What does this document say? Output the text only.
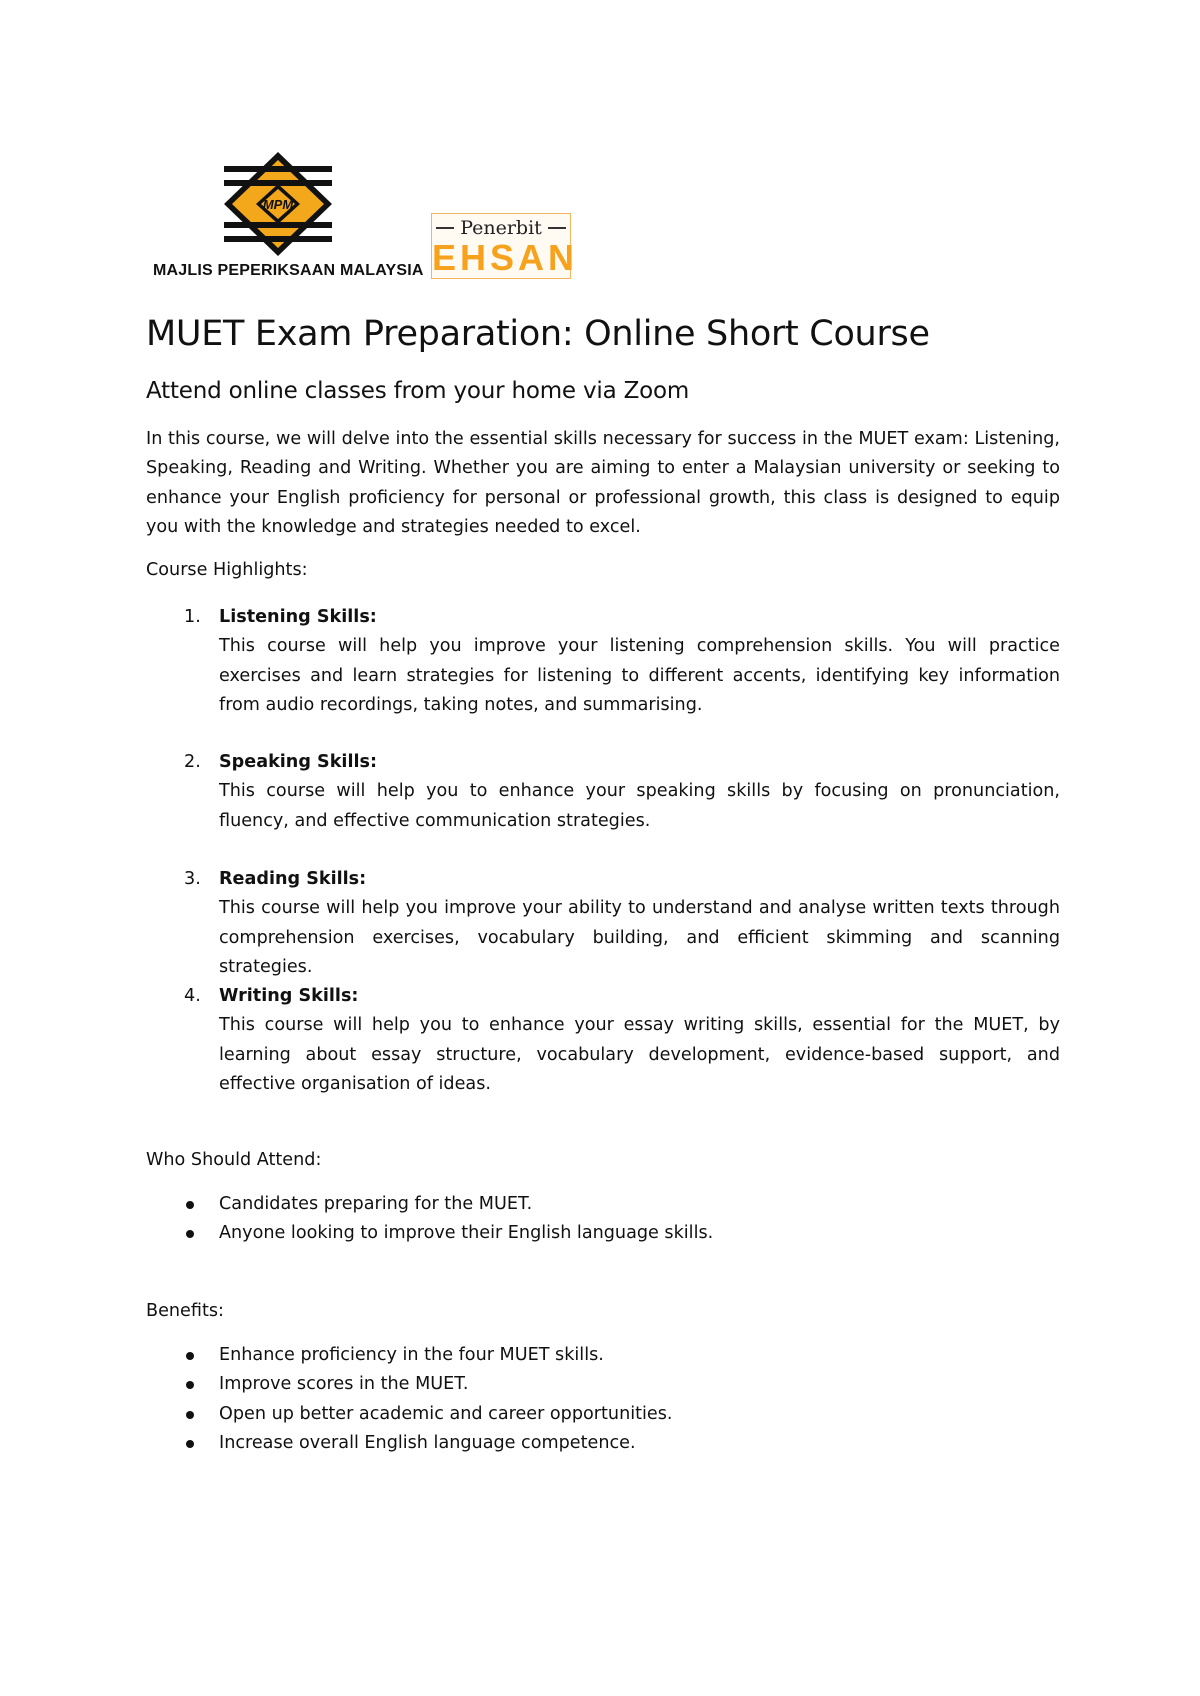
MPM
MAJLIS PEPERIKSAAN MALAYSIA
Penerbit
EHSAN
MUET Exam Preparation: Online Short Course
Attend online classes from your home via Zoom
In this course, we will delve into the essential skills necessary for success in the MUET exam: Listening, Speaking, Reading and Writing. Whether you are aiming to enter a Malaysian university or seeking to enhance your English proficiency for personal or professional growth, this class is designed to equip you with the knowledge and strategies needed to excel.
Course Highlights:
1. Listening Skills:
This course will help you improve your listening comprehension skills. You will practice exercises and learn strategies for listening to different accents, identifying key information from audio recordings, taking notes, and summarising.
2. Speaking Skills:
This course will help you to enhance your speaking skills by focusing on pronunciation, fluency, and effective communication strategies.
3. Reading Skills:
This course will help you improve your ability to understand and analyse written texts through comprehension exercises, vocabulary building, and efficient skimming and scanning strategies.
4. Writing Skills:
This course will help you to enhance your essay writing skills, essential for the MUET, by learning about essay structure, vocabulary development, evidence-based support, and effective organisation of ideas.
Who Should Attend:
Candidates preparing for the MUET.
Anyone looking to improve their English language skills.
Benefits:
Enhance proficiency in the four MUET skills.
Improve scores in the MUET.
Open up better academic and career opportunities.
Increase overall English language competence.
